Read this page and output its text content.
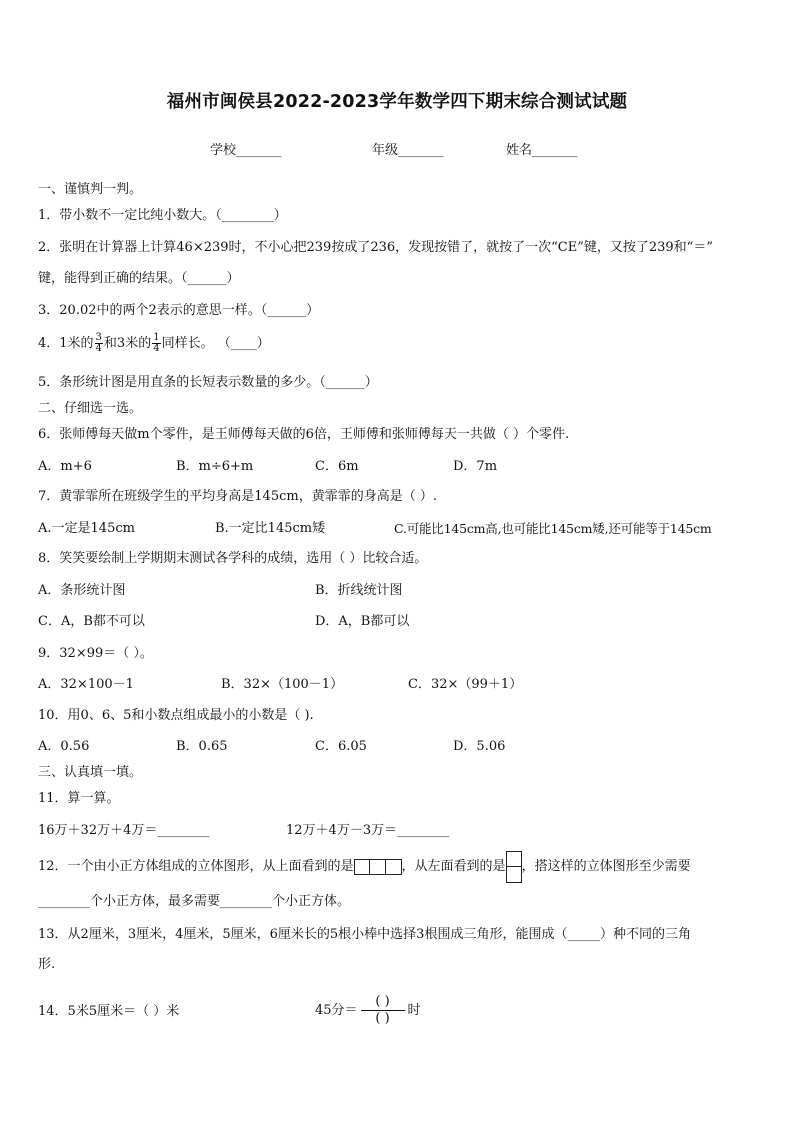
福州市闽侯县2022-2023学年数学四下期末综合测试试题
学校_______	年级_______	姓名_______
一、谨慎判一判。
1．带小数不一定比纯小数大。（________）
2．张明在计算器上计算46×239时，不小心把239按成了236，发现按错了，就按了一次“CE”键，又按了239和“＝”
键，能得到正确的结果。（______）
3．20.02中的两个2表示的意思一样。（______）
4．1米的 $\frac{3}{4}$ 和3米的 $\frac{1}{4}$ 同样长。 （____）
5．条形统计图是用直条的长短表示数量的多少。（______）
二、仔细选一选。
6．张师傅每天做m个零件，是王师傅每天做的6倍，王师傅和张师傅每天一共做（ ）个零件.
A．m+6	B．m÷6+m	C．6m	D．7m
7．黄霏霏所在班级学生的平均身高是145cm，黄霏霏的身高是（ ）.
A.一定是145cm	B.一定比145cm矮	C.可能比145cm高,也可能比145cm矮,还可能等于145cm
8．笑笑要绘制上学期期末测试各学科的成绩，选用（ ）比较合适。
A．条形统计图	B．折线统计图
C．A，B都不可以	D．A，B都可以
9．32×99＝（ ）。
A．32×100－1	B．32×（100－1）	C．32×（99＋1）
10．用0、6、5和小数点组成最小的小数是（ ).
A．0.56	B．0.65	C．6.05	D．5.06
三、认真填一填。
11．算一算。
16万＋32万＋4万＝________	12万＋4万－3万＝________
12．一个由小正方体组成的立体图形，从上面看到的是	，从左面看到的是 ，搭这样的立体图形至少需要
________个小正方体，最多需要________个小正方体。
13．从2厘米，3厘米，4厘米，5厘米，6厘米长的5根小棒中选择3根围成三角形，能围成（_____）种不同的三角
形.
14．5米5厘米＝（ ）米	45分＝
( )
( )
时
